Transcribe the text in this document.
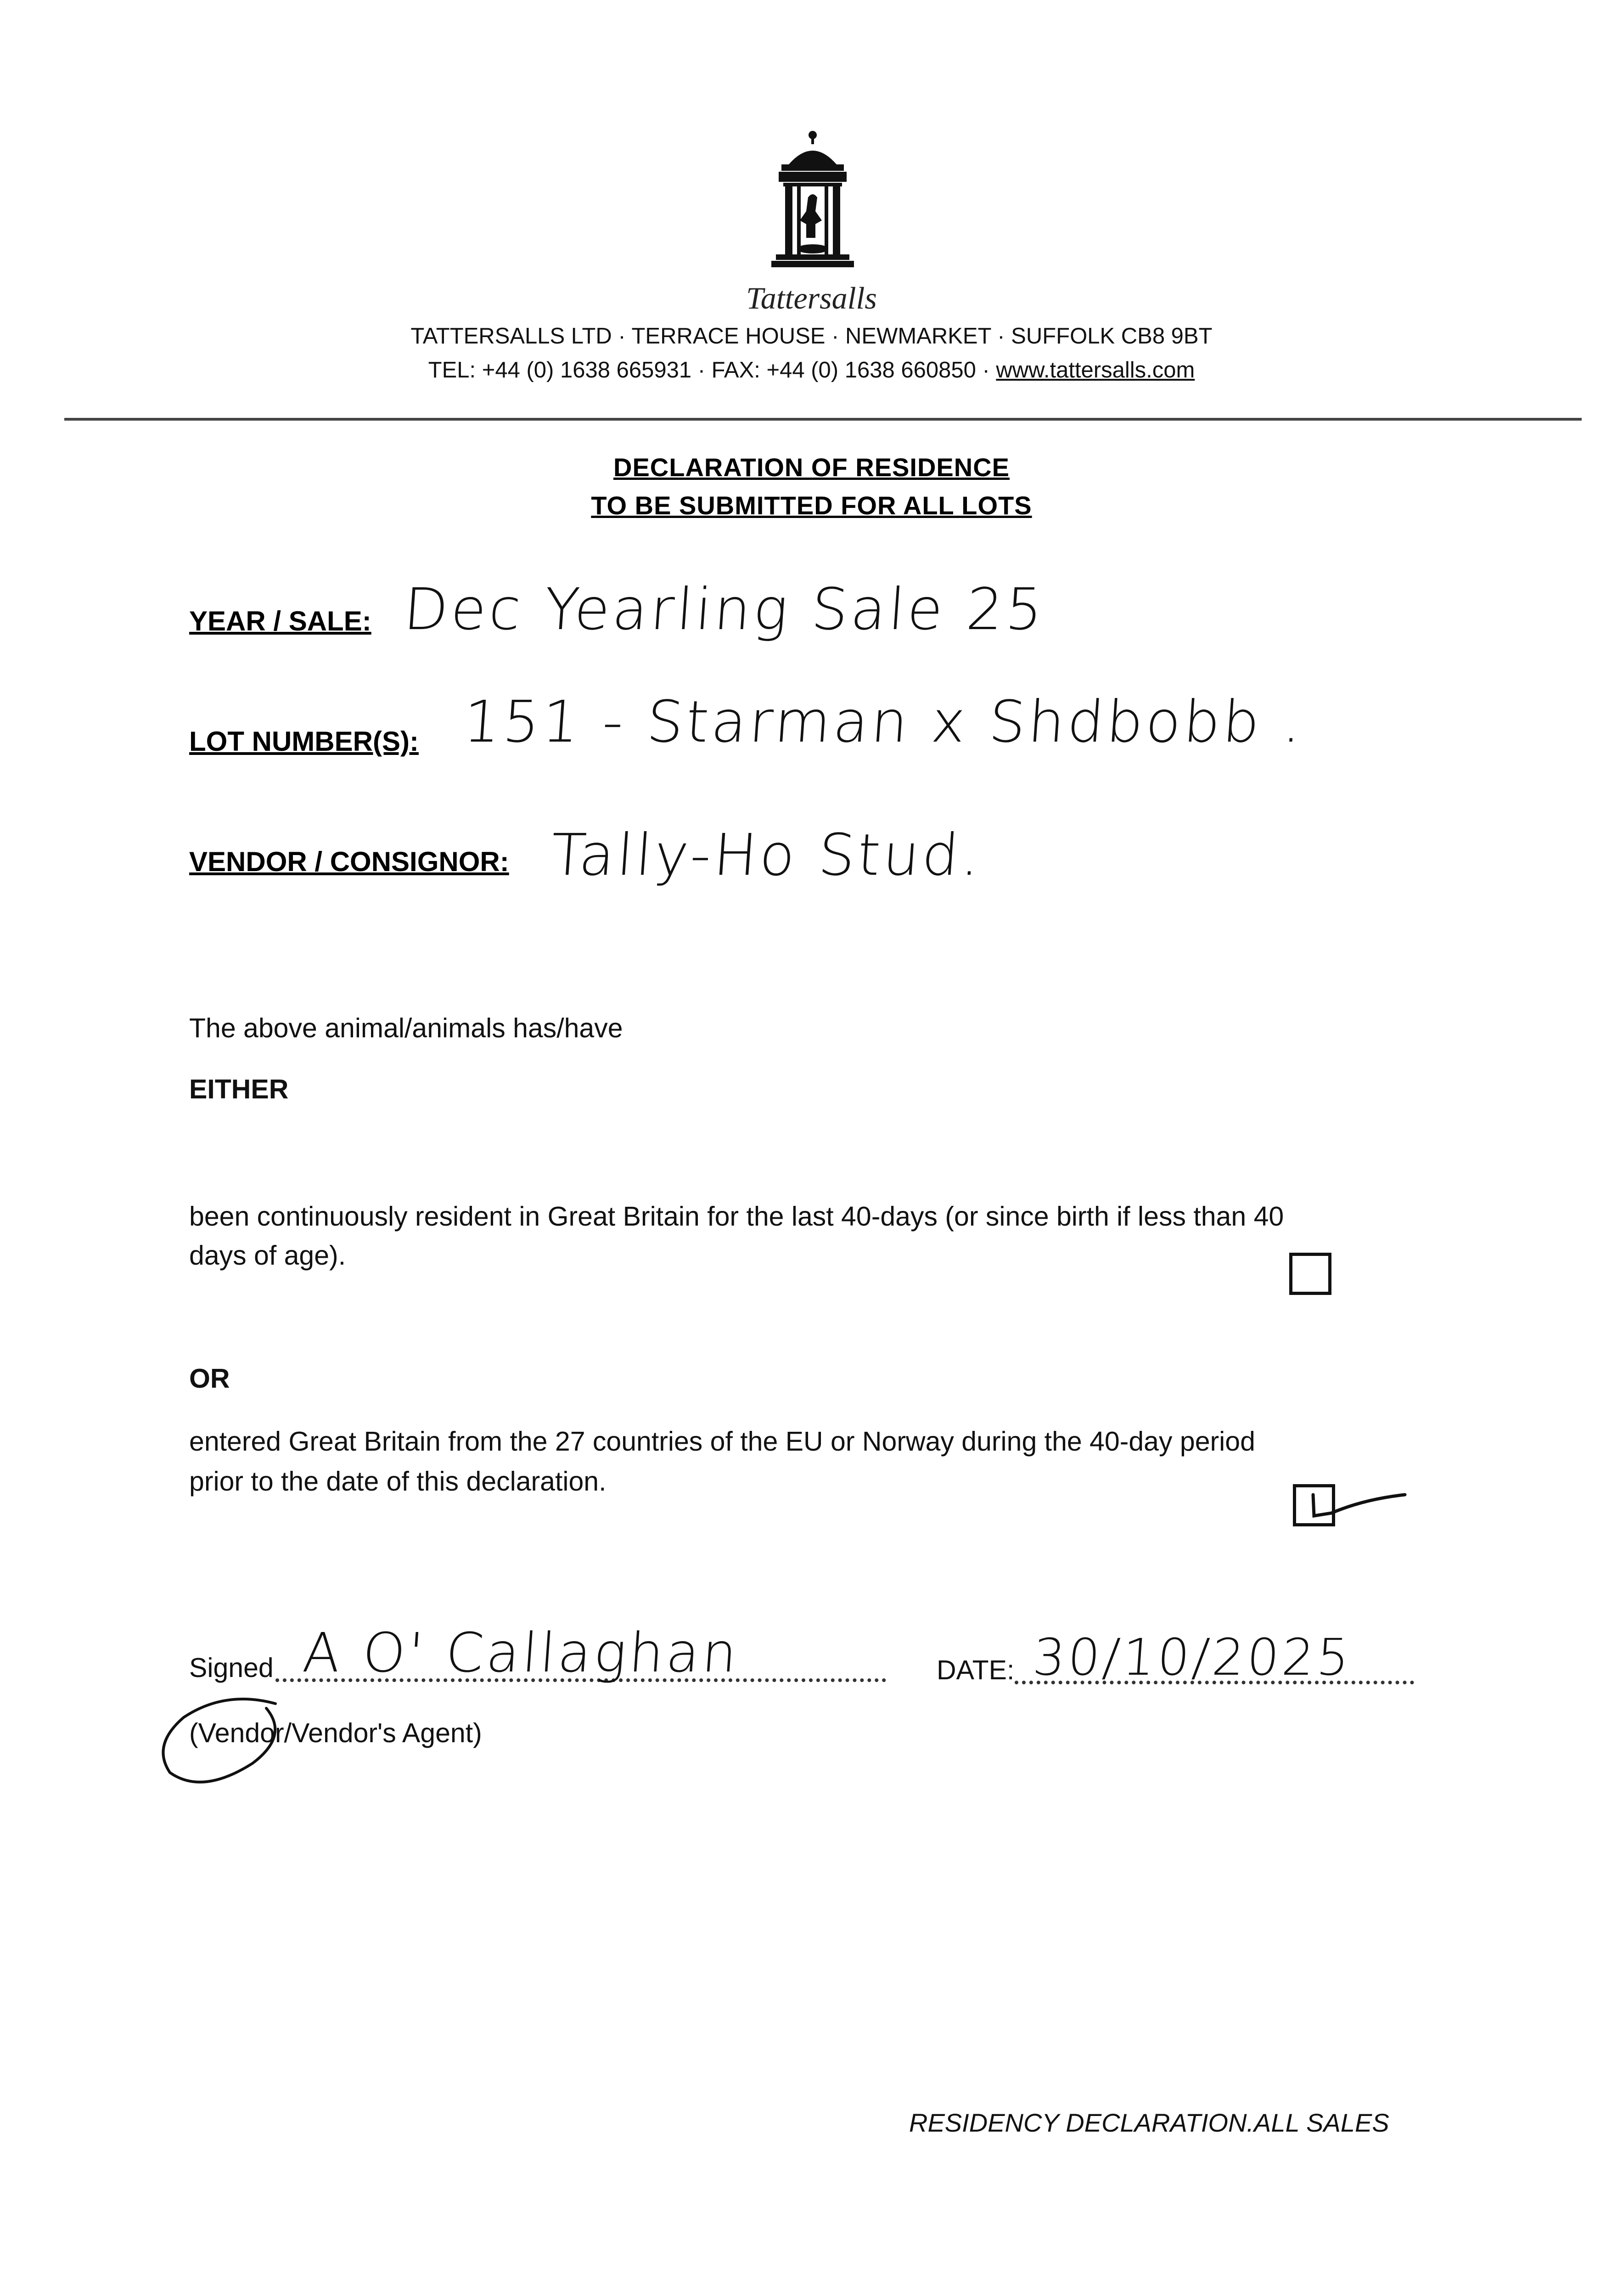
Tattersalls
TATTERSALLS LTD · TERRACE HOUSE · NEWMARKET · SUFFOLK CB8 9BT
TEL: +44 (0) 1638 665931 · FAX: +44 (0) 1638 660850 · www.tattersalls.com
DECLARATION OF RESIDENCE
TO BE SUBMITTED FOR ALL LOTS
YEAR / SALE: Dec Yearling Sale 25
LOT NUMBER(S): 151 - Starman x Shdbobb .
VENDOR / CONSIGNOR: Tally-Ho Stud.
The above animal/animals has/have
EITHER
been continuously resident in Great Britain for the last 40-days (or since birth if less than 40
days of age).
OR
entered Great Britain from the 27 countries of the EU or Norway during the 40-day period
prior to the date of this declaration.
Signed A O' Callaghan	DATE: 30/10/2025
(Vendor/Vendor's Agent)
RESIDENCY DECLARATION.ALL SALES
